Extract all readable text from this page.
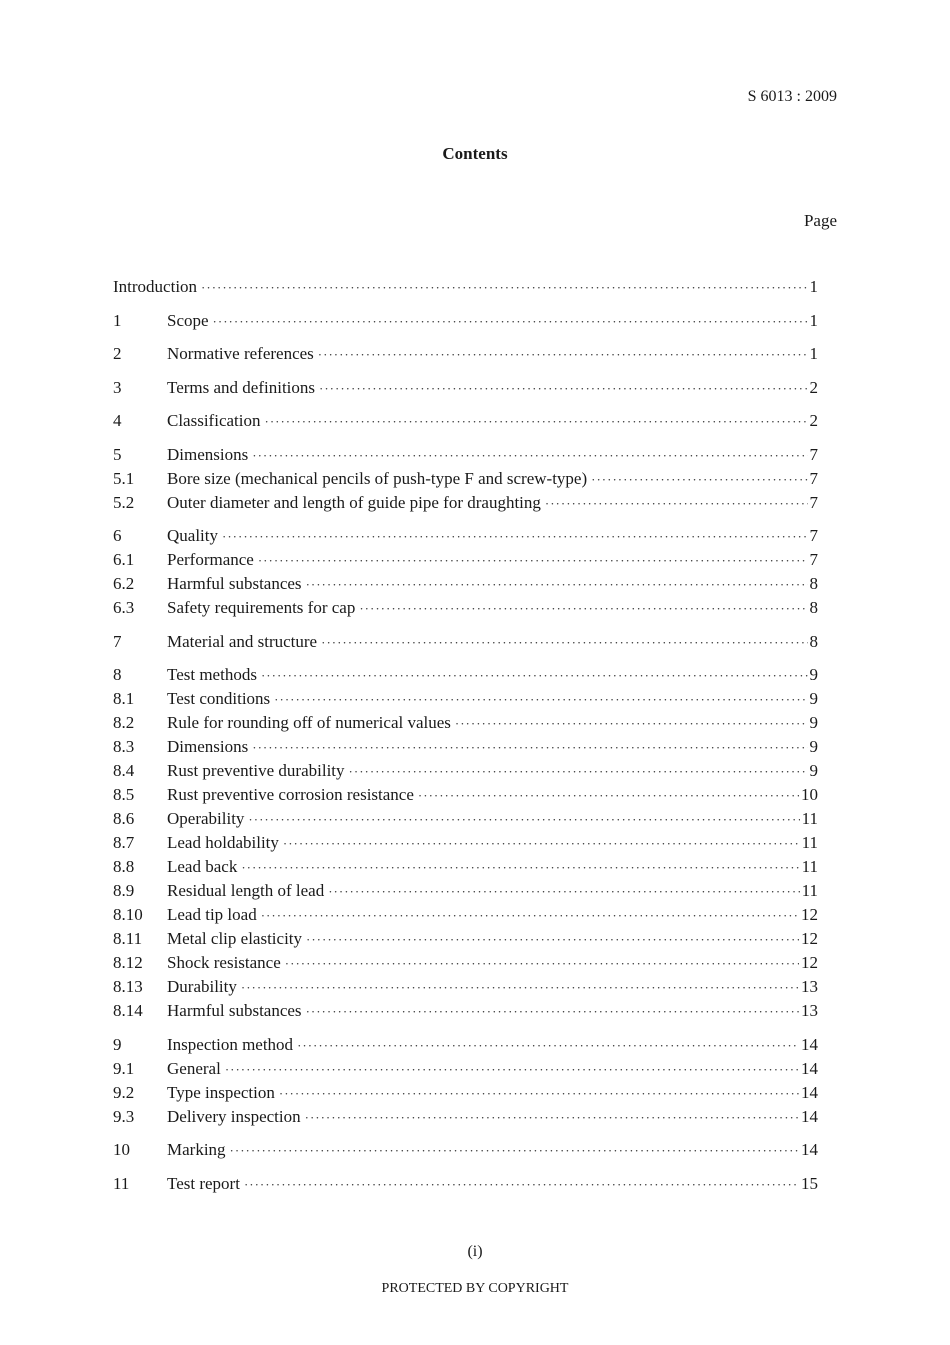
S 6013 : 2009
Contents
Page
Introduction ·····	1
1	Scope ·····	1
2	Normative references ·····	1
3	Terms and definitions ·····	2
4	Classification ·····	2
5	Dimensions ·····	7
5.1	Bore size (mechanical pencils of push-type F and screw-type) ·····	7
5.2	Outer diameter and length of guide pipe for draughting ·····	7
6	Quality ·····	7
6.1	Performance ·····	7
6.2	Harmful substances ·····	8
6.3	Safety requirements for cap ·····	8
7	Material and structure ·····	8
8	Test methods ·····	9
8.1	Test conditions ·····	9
8.2	Rule for rounding off of numerical values ·····	9
8.3	Dimensions ·····	9
8.4	Rust preventive durability ·····	9
8.5	Rust preventive corrosion resistance ·····	10
8.6	Operability ·····	11
8.7	Lead holdability ·····	11
8.8	Lead back ·····	11
8.9	Residual length of lead ·····	11
8.10	Lead tip load ·····	12
8.11	Metal clip elasticity ·····	12
8.12	Shock resistance ·····	12
8.13	Durability ·····	13
8.14	Harmful substances ·····	13
9	Inspection method ·····	14
9.1	General ·····	14
9.2	Type inspection ·····	14
9.3	Delivery inspection ·····	14
10	Marking ·····	14
11	Test report ·····	15
(i)
PROTECTED BY COPYRIGHT
